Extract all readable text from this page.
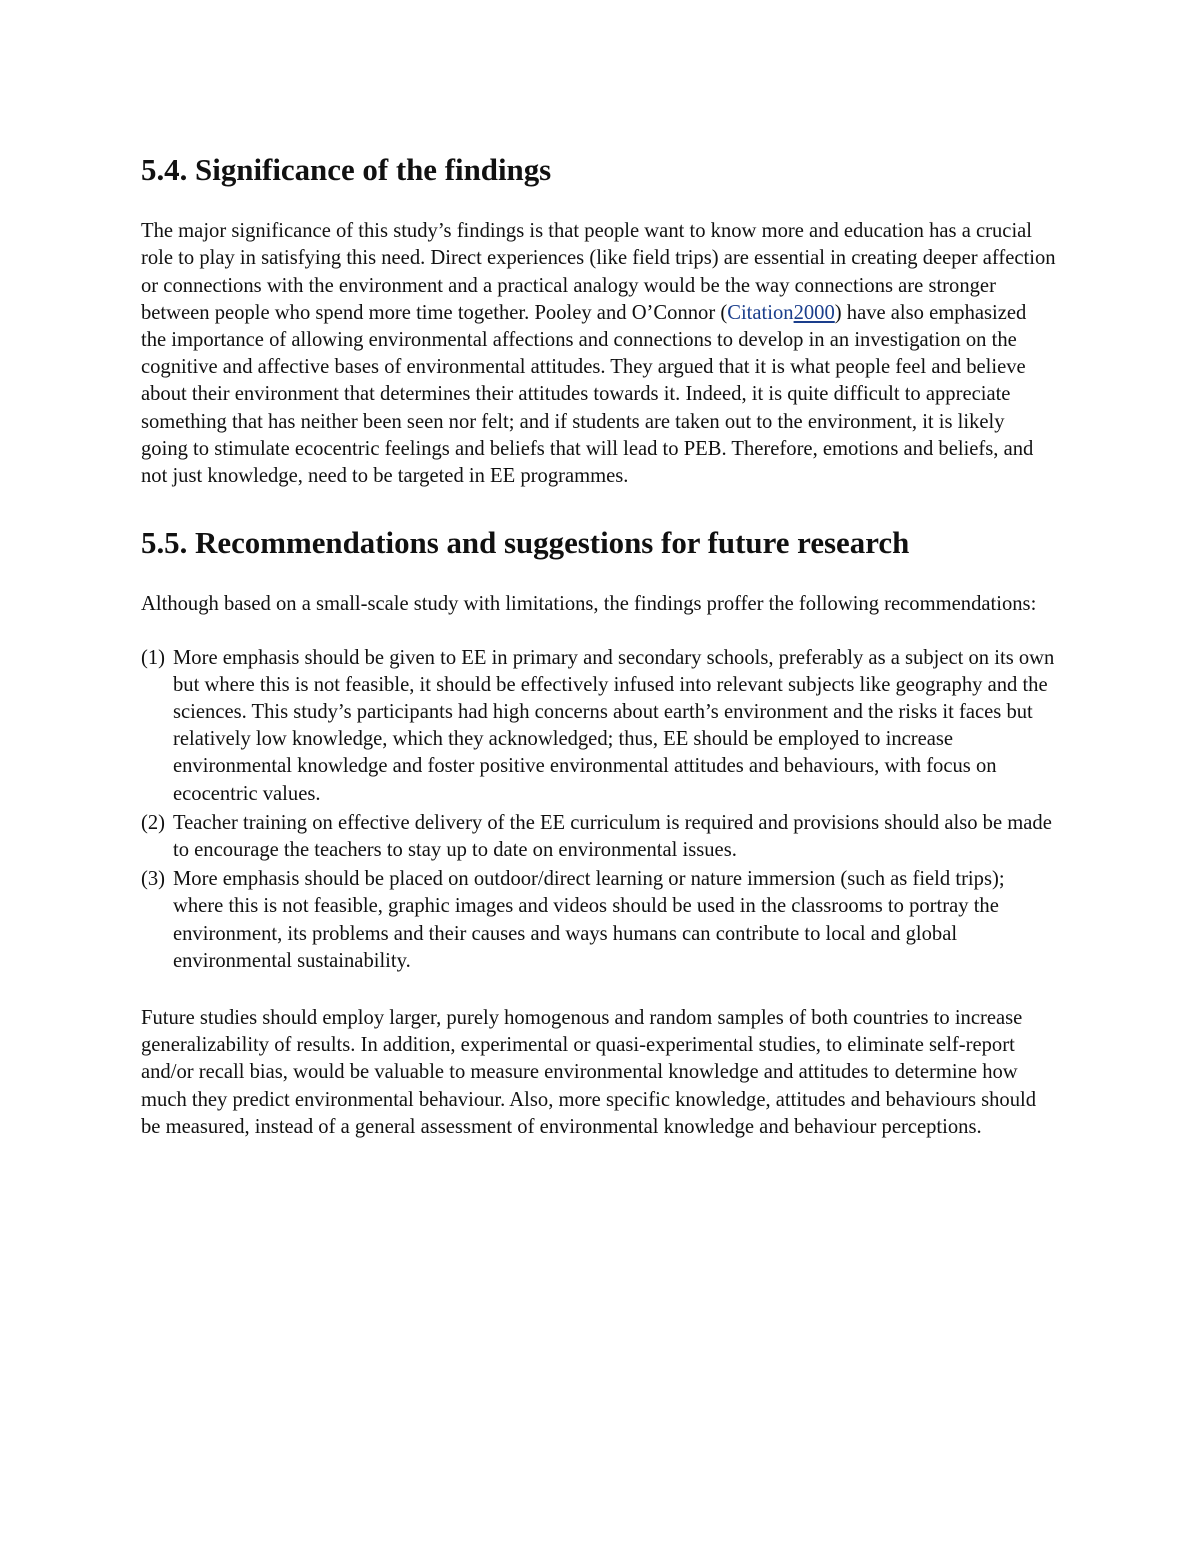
5.4. Significance of the findings

The major significance of this study’s findings is that people want to know more and education has a crucial role to play in satisfying this need. Direct experiences (like field trips) are essential in creating deeper affection or connections with the environment and a practical analogy would be the way connections are stronger between people who spend more time together. Pooley and O’Connor (Citation2000) have also emphasized the importance of allowing environmental affections and connections to develop in an investigation on the cognitive and affective bases of environmental attitudes. They argued that it is what people feel and believe about their environment that determines their attitudes towards it. Indeed, it is quite difficult to appreciate something that has neither been seen nor felt; and if students are taken out to the environment, it is likely going to stimulate ecocentric feelings and beliefs that will lead to PEB. Therefore, emotions and beliefs, and not just knowledge, need to be targeted in EE programmes.

5.5. Recommendations and suggestions for future research

Although based on a small-scale study with limitations, the findings proffer the following recommendations:

(1) More emphasis should be given to EE in primary and secondary schools, preferably as a subject on its own but where this is not feasible, it should be effectively infused into relevant subjects like geography and the sciences. This study’s participants had high concerns about earth’s environment and the risks it faces but relatively low knowledge, which they acknowledged; thus, EE should be employed to increase environmental knowledge and foster positive environmental attitudes and behaviours, with focus on ecocentric values.
(2) Teacher training on effective delivery of the EE curriculum is required and provisions should also be made to encourage the teachers to stay up to date on environmental issues.
(3) More emphasis should be placed on outdoor/direct learning or nature immersion (such as field trips); where this is not feasible, graphic images and videos should be used in the classrooms to portray the environment, its problems and their causes and ways humans can contribute to local and global environmental sustainability.

Future studies should employ larger, purely homogenous and random samples of both countries to increase generalizability of results. In addition, experimental or quasi-experimental studies, to eliminate self-report and/or recall bias, would be valuable to measure environmental knowledge and attitudes to determine how much they predict environmental behaviour. Also, more specific knowledge, attitudes and behaviours should be measured, instead of a general assessment of environmental knowledge and behaviour perceptions.
